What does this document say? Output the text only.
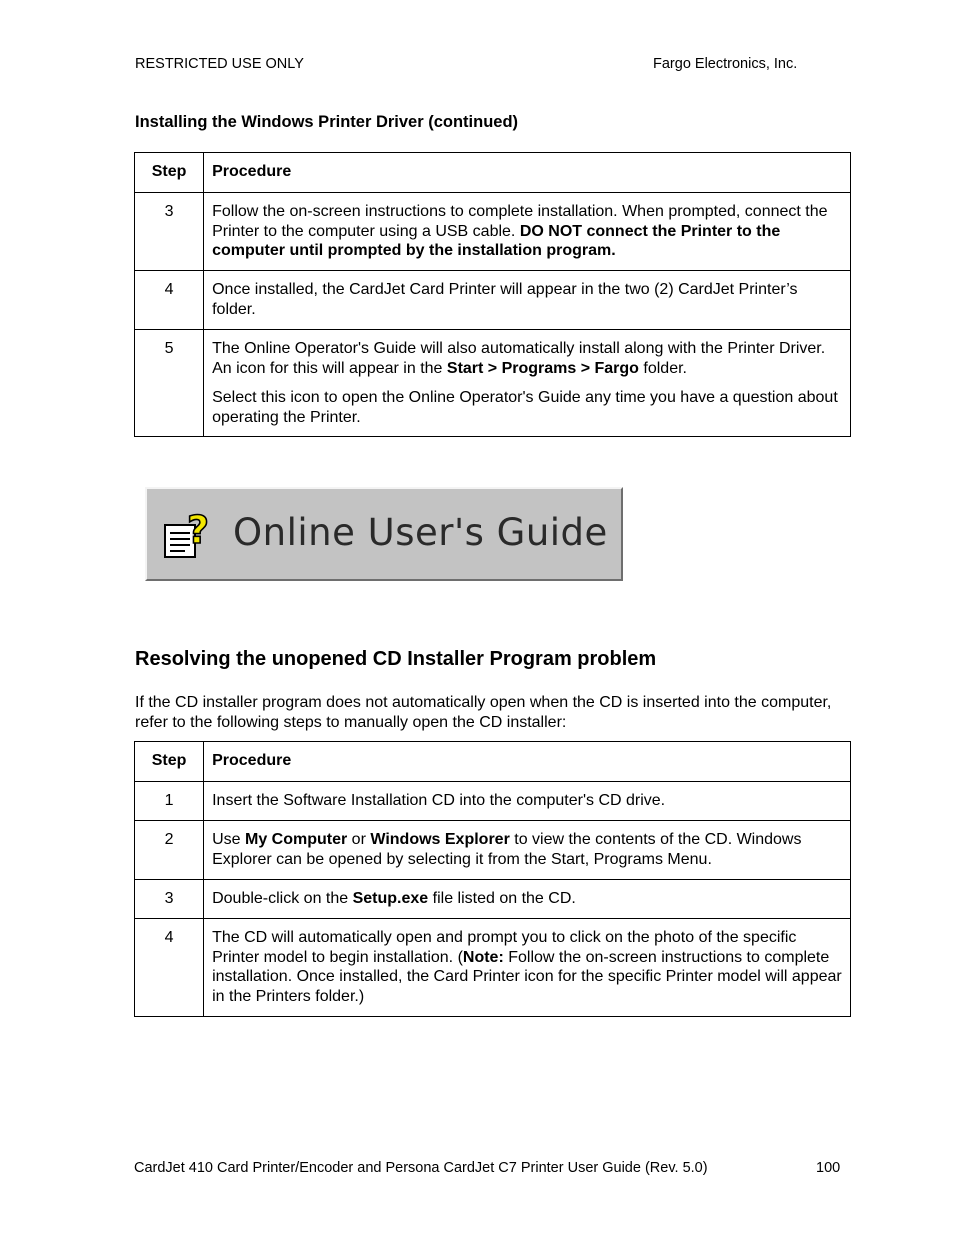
RESTRICTED USE ONLY	Fargo Electronics, Inc.
Installing the Windows Printer Driver (continued)
Step	Procedure

3	Follow the on-screen instructions to complete installation. When prompted, connect the Printer to the computer using a USB cable. DO NOT connect the Printer to the computer until prompted by the installation program.

4	Once installed, the CardJet Card Printer will appear in the two (2) CardJet Printer’s folder.

5	The Online Operator's Guide will also automatically install along with the Printer Driver. An icon for this will appear in the Start > Programs > Fargo folder.
Select this icon to open the Online Operator's Guide any time you have a question about operating the Printer.
? Online User's Guide
Resolving the unopened CD Installer Program problem
If the CD installer program does not automatically open when the CD is inserted into the computer, refer to the following steps to manually open the CD installer:
Step	Procedure

1	Insert the Software Installation CD into the computer's CD drive.

2	Use My Computer or Windows Explorer to view the contents of the CD. Windows Explorer can be opened by selecting it from the Start, Programs Menu.

3	Double-click on the Setup.exe file listed on the CD.

4	The CD will automatically open and prompt you to click on the photo of the specific Printer model to begin installation. (Note: Follow the on-screen instructions to complete installation. Once installed, the Card Printer icon for the specific Printer model will appear in the Printers folder.)
CardJet 410 Card Printer/Encoder and Persona CardJet C7 Printer User Guide (Rev. 5.0)	100
